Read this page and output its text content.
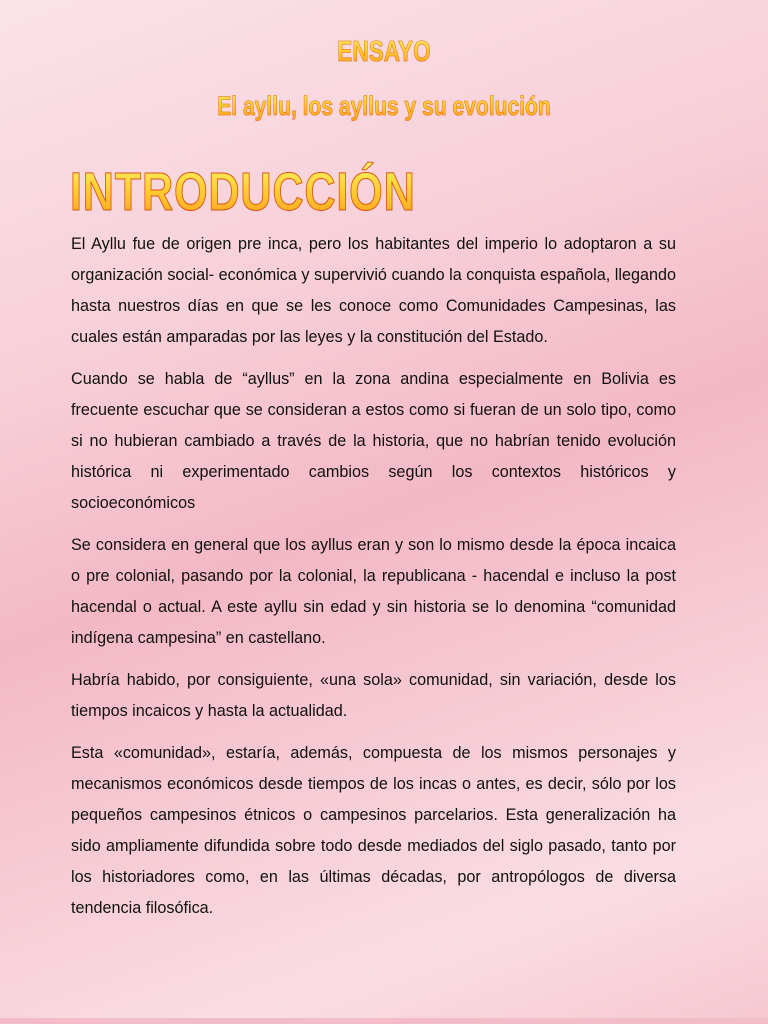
ENSAYO
El ayllu, los ayllus y su evolución
INTRODUCCIÓN

El Ayllu fue de origen pre inca, pero los habitantes del imperio lo adoptaron a su organización social- económica y supervivió cuando la conquista española, llegando hasta nuestros días en que se les conoce como Comunidades Campesinas, las cuales están amparadas por las leyes y la constitución del Estado.

Cuando se habla de “ayllus” en la zona andina especialmente en Bolivia es frecuente escuchar que se consideran a estos como si fueran de un solo tipo, como si no hubieran cambiado a través de la historia, que no habrían tenido evolución histórica ni experimentado cambios según los contextos históricos y socioeconómicos

Se considera en general que los ayllus eran y son lo mismo desde la época incaica o pre colonial, pasando por la colonial, la republicana - hacendal e incluso la post hacendal o actual. A este ayllu sin edad y sin historia se lo denomina “comunidad indígena campesina” en castellano.

Habría habido, por consiguiente, «una sola» comunidad, sin variación, desde los tiempos incaicos y hasta la actualidad.

Esta «comunidad», estaría, además, compuesta de los mismos personajes y mecanismos económicos desde tiempos de los incas o antes, es decir, sólo por los pequeños campesinos étnicos o campesinos parcelarios. Esta generalización ha sido ampliamente difundida sobre todo desde mediados del siglo pasado, tanto por los historiadores como, en las últimas décadas, por antropólogos de diversa tendencia filosófica.
